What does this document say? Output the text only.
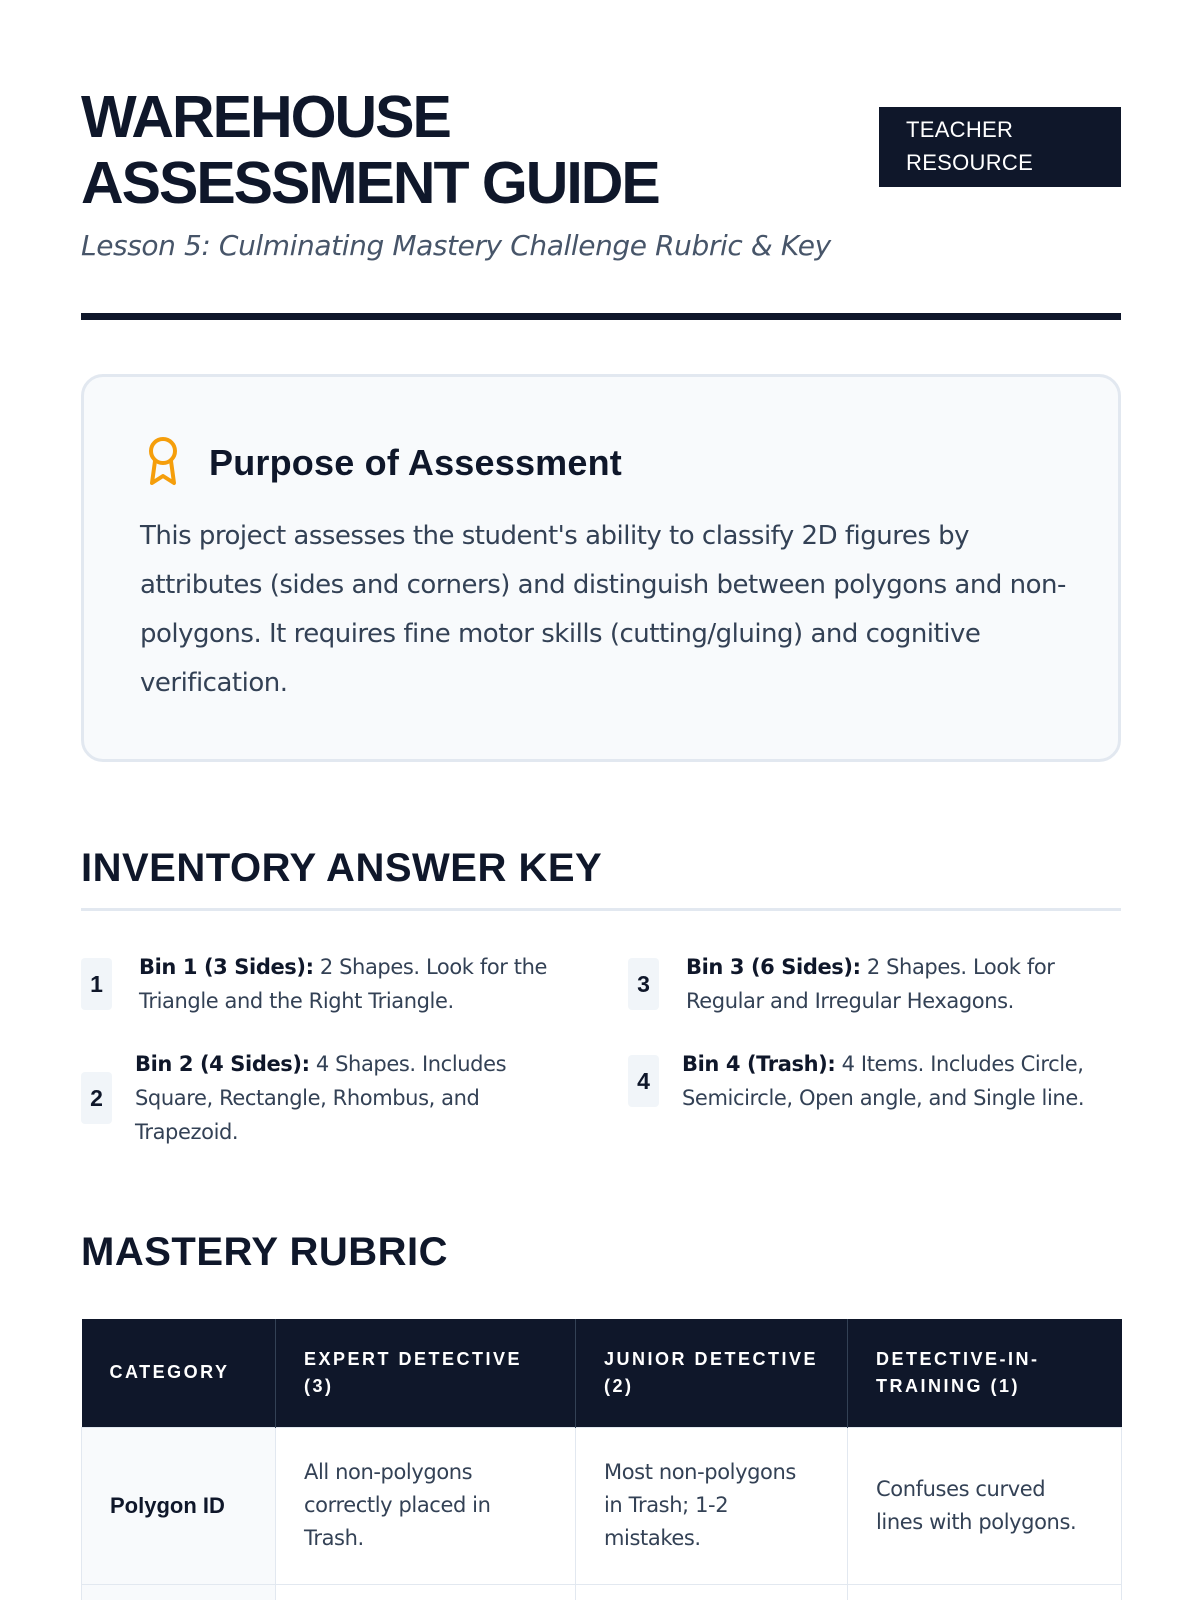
WAREHOUSE
ASSESSMENT GUIDE
TEACHER
RESOURCE
Lesson 5: Culminating Mastery Challenge Rubric & Key
Purpose of Assessment

This project assesses the student's ability to classify 2D figures by attributes (sides and corners) and distinguish between polygons and non-polygons. It requires fine motor skills (cutting/gluing) and cognitive verification.

INVENTORY ANSWER KEY
1
Bin 1 (3 Sides): 2 Shapes. Look for the Triangle and the Right Triangle.
2
Bin 2 (4 Sides): 4 Shapes. Includes Square, Rectangle, Rhombus, and Trapezoid.
3
Bin 3 (6 Sides): 2 Shapes. Look for Regular and Irregular Hexagons.
4
Bin 4 (Trash): 4 Items. Includes Circle, Semicircle, Open angle, and Single line.
MASTERY RUBRIC
CATEGORY	EXPERT DETECTIVE (3)	JUNIOR DETECTIVE (2)	DETECTIVE-IN-TRAINING (1)
Polygon ID	All non-polygons correctly placed in Trash.	Most non-polygons in Trash; 1-2 mistakes.	Confuses curved lines with polygons.
